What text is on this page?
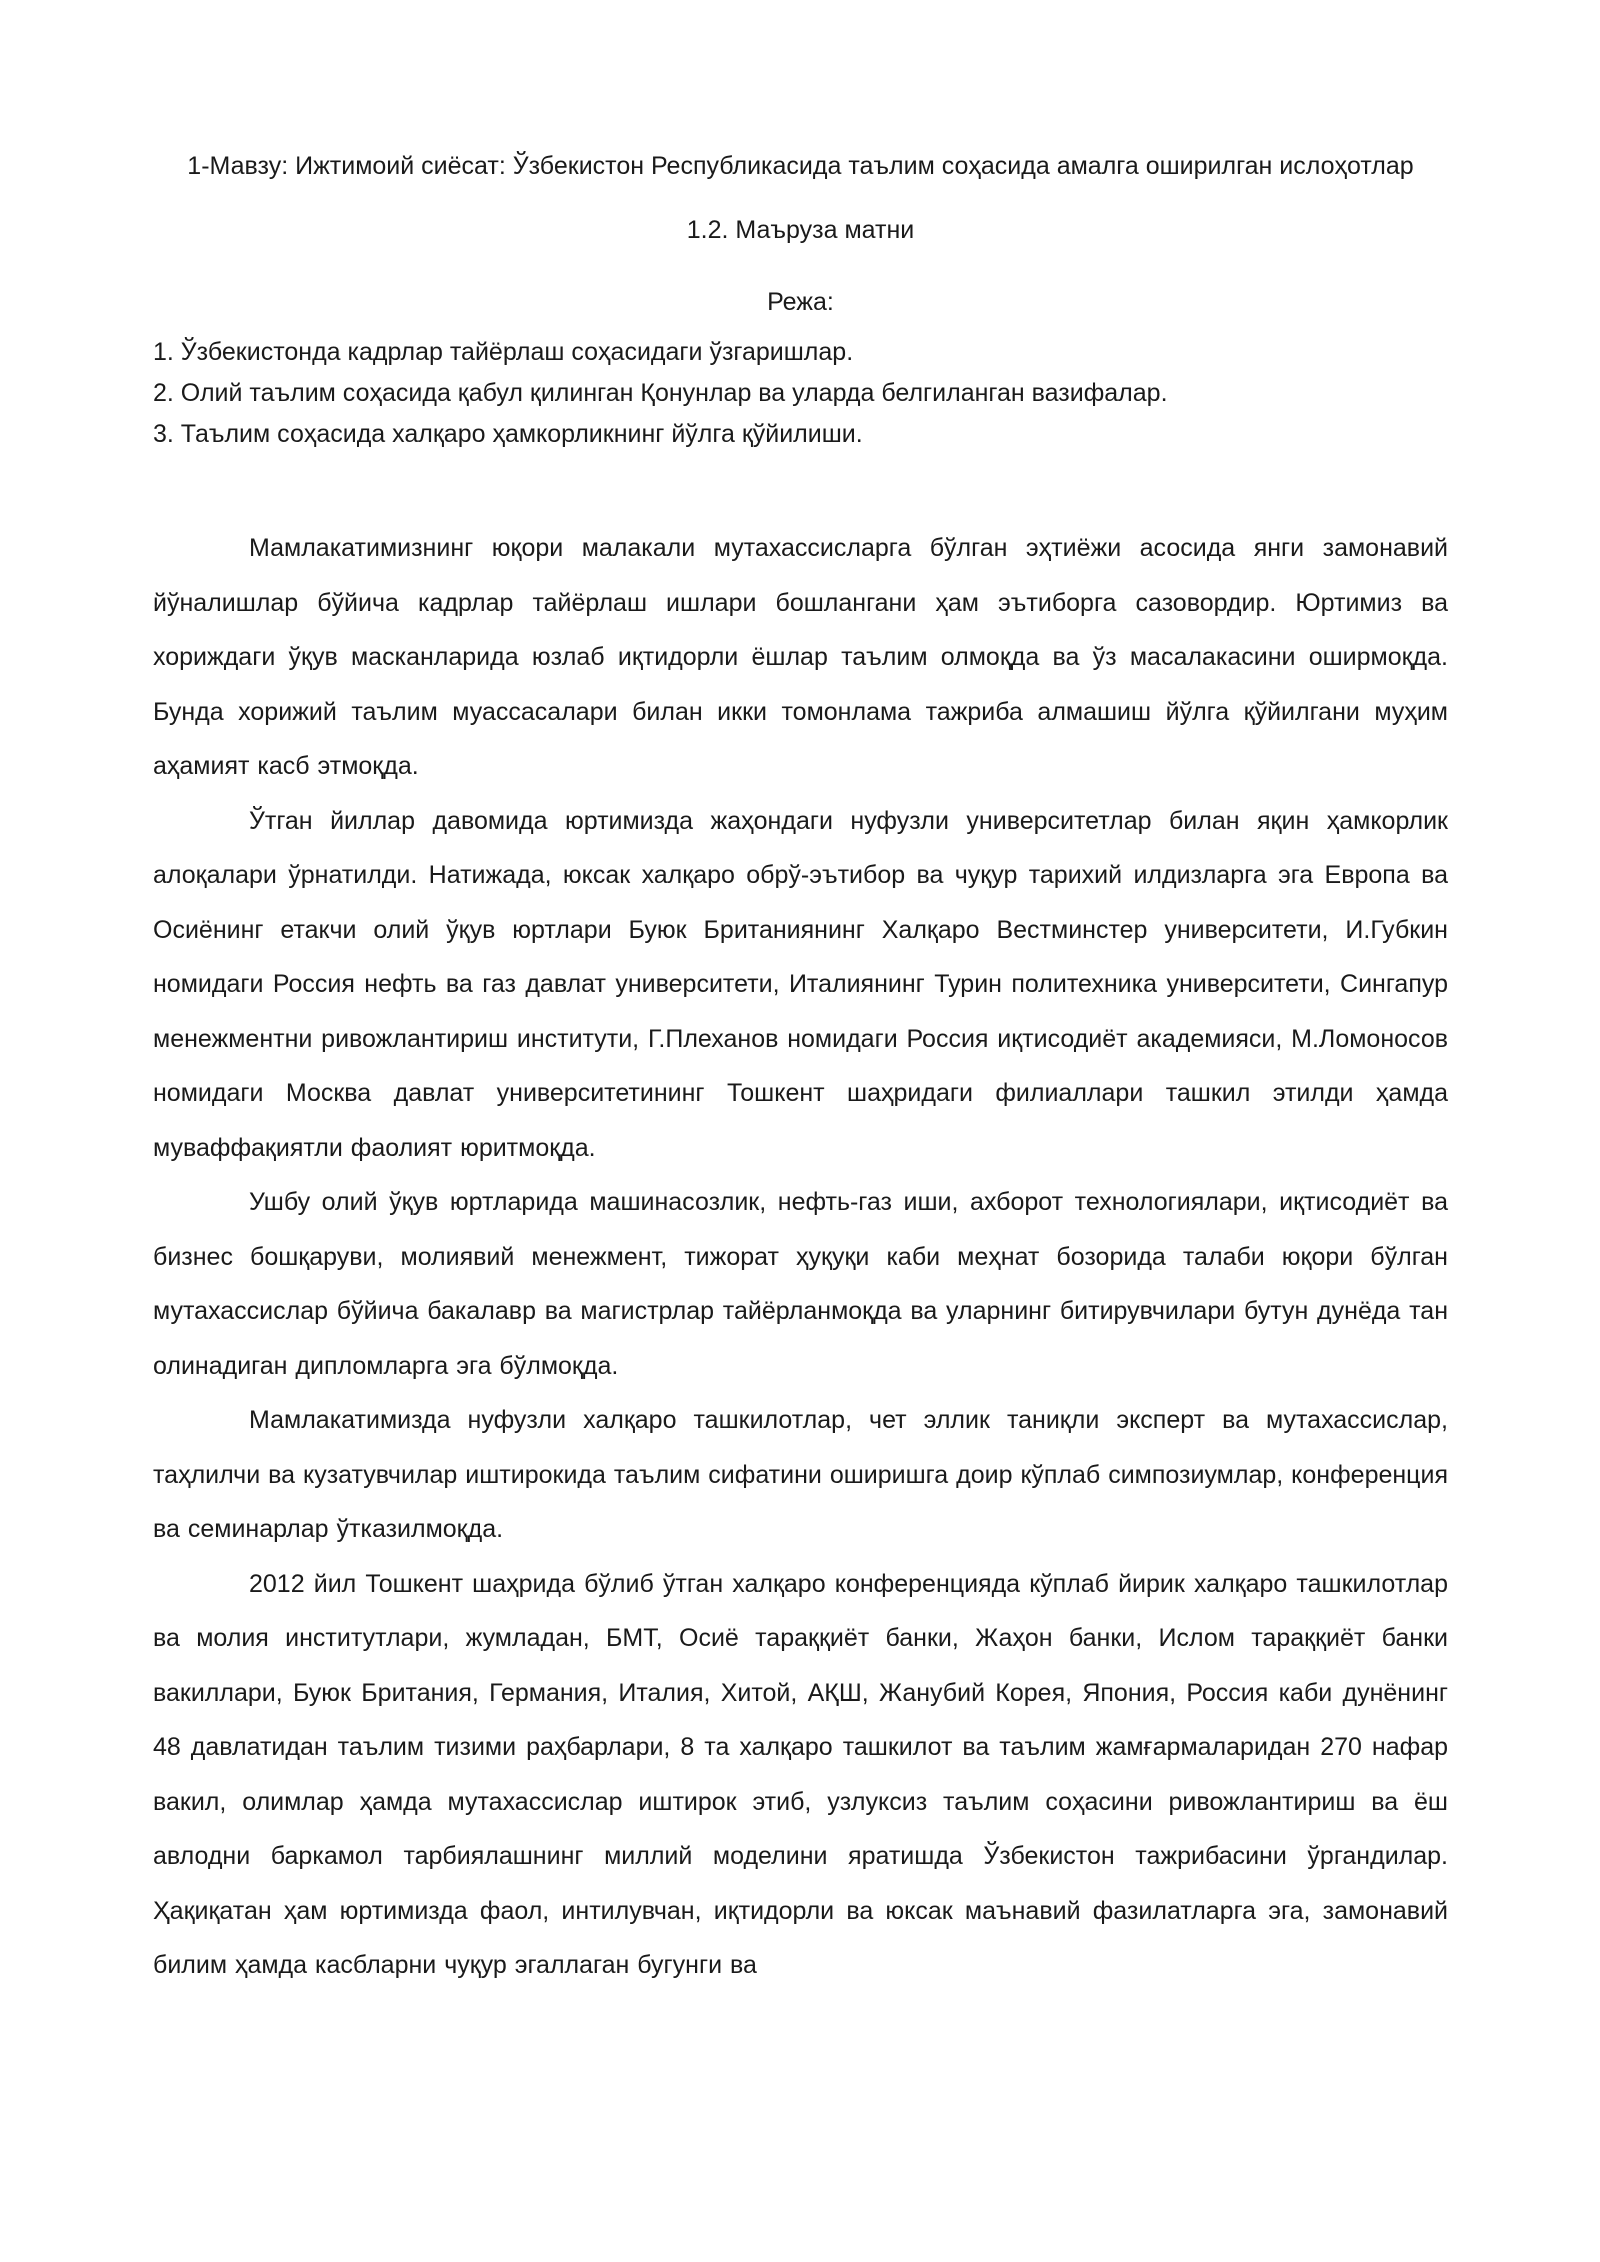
1-Мавзу: Ижтимоий сиёсат: Ўзбекистон Республикасида таълим соҳасида амалга оширилган ислоҳотлар

1.2. Маъруза матни

Режа:

1. Ўзбекистонда кадрлар тайёрлаш соҳасидаги ўзгаришлар.
2. Олий таълим соҳасида қабул қилинган Қонунлар ва уларда белгиланган вазифалар.
3. Таълим соҳасида халқаро ҳамкорликнинг йўлга қўйилиши.

Мамлакатимизнинг юқори малакали мутахассисларга бўлган эҳтиёжи асосида янги замонавий йўналишлар бўйича кадрлар тайёрлаш ишлари бошлангани ҳам эътиборга сазовордир. Юртимиз ва хориждаги ўқув масканларида юзлаб иқтидорли ёшлар таълим олмоқда ва ўз масалакасини оширмоқда. Бунда хорижий таълим муассасалари билан икки томонлама тажриба алмашиш йўлга қўйилгани муҳим аҳамият касб этмоқда.

Ўтган йиллар давомида юртимизда жаҳондаги нуфузли университетлар билан яқин ҳамкорлик алоқалари ўрнатилди. Натижада, юксак халқаро обрў-эътибор ва чуқур тарихий илдизларга эга Европа ва Осиёнинг етакчи олий ўқув юртлари Буюк Британиянинг Халқаро Вестминстер университети, И.Губкин номидаги Россия нефть ва газ давлат университети, Италиянинг Турин политехника университети, Сингапур менежментни ривожлантириш институти, Г.Плеханов номидаги Россия иқтисодиёт академияси, М.Ломоносов номидаги Москва давлат университетининг Тошкент шаҳридаги филиаллари ташкил этилди ҳамда муваффақиятли фаолият юритмоқда.

Ушбу олий ўқув юртларида машинасозлик, нефть-газ иши, ахборот технологиялари, иқтисодиёт ва бизнес бошқаруви, молиявий менежмент, тижорат ҳуқуқи каби меҳнат бозорида талаби юқори бўлган мутахассислар бўйича бакалавр ва магистрлар тайёрланмоқда ва уларнинг битирувчилари бутун дунёда тан олинадиган дипломларга эга бўлмоқда.

Мамлакатимизда нуфузли халқаро ташкилотлар, чет эллик таниқли эксперт ва мутахассислар, таҳлилчи ва кузатувчилар иштирокида таълим сифатини оширишга доир кўплаб симпозиумлар, конференция ва семинарлар ўтказилмоқда.

2012 йил Тошкент шаҳрида бўлиб ўтган халқаро конференцияда кўплаб йирик халқаро ташкилотлар ва молия институтлари, жумладан, БМТ, Осиё тараққиёт банки, Жаҳон банки, Ислом тараққиёт банки вакиллари, Буюк Британия, Германия, Италия, Хитой, АҚШ, Жанубий Корея, Япония, Россия каби дунёнинг 48 давлатидан таълим тизими раҳбарлари, 8 та халқаро ташкилот ва таълим жамғармаларидан 270 нафар вакил, олимлар ҳамда мутахассислар иштирок этиб, узлуксиз таълим соҳасини ривожлантириш ва ёш авлодни баркамол тарбиялашнинг миллий моделини яратишда Ўзбекистон тажрибасини ўргандилар. Ҳақиқатан ҳам юртимизда фаол, интилувчан, иқтидорли ва юксак маънавий фазилатларга эга, замонавий билим ҳамда касбларни чуқур эгаллаган бугунги ва
